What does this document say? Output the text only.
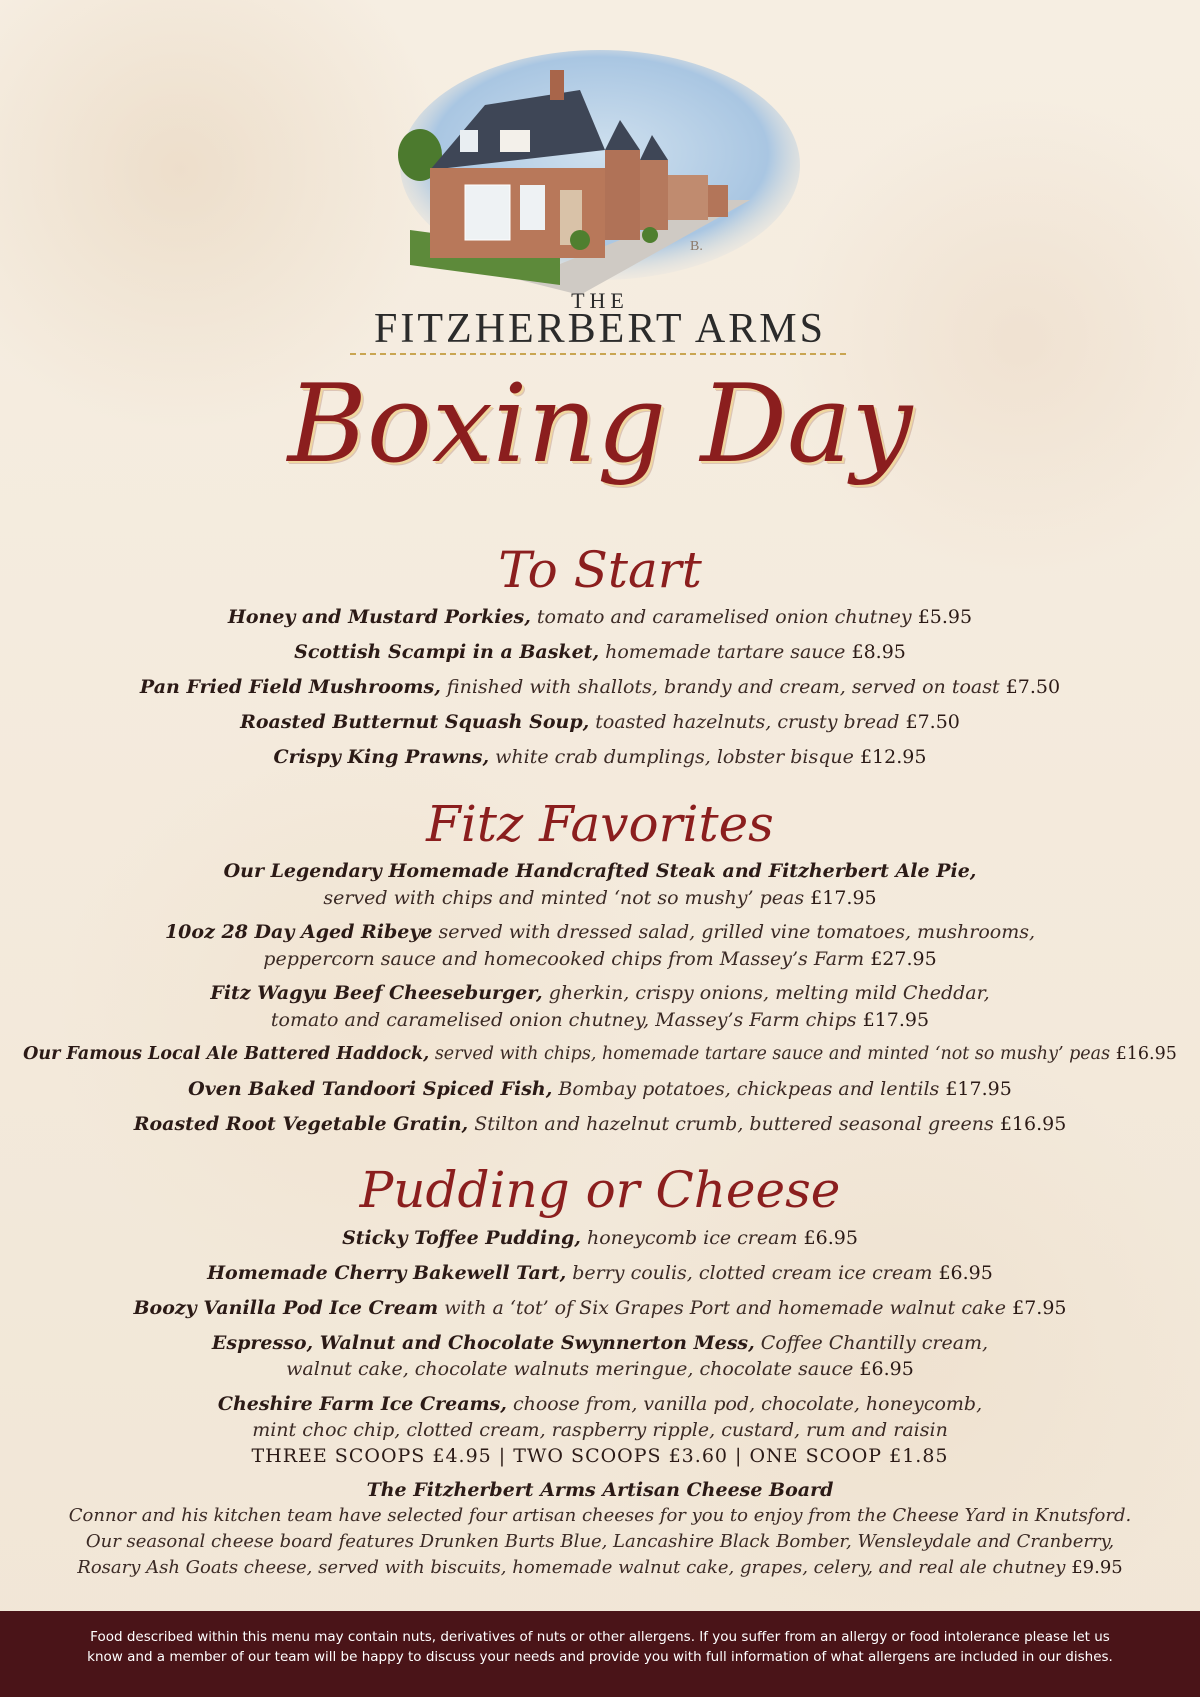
B.
THE
FITZHERBERT ARMS
Boxing Day
To Start
Honey and Mustard Porkies, tomato and caramelised onion chutney £5.95
Scottish Scampi in a Basket, homemade tartare sauce £8.95
Pan Fried Field Mushrooms, finished with shallots, brandy and cream, served on toast £7.50
Roasted Butternut Squash Soup, toasted hazelnuts, crusty bread £7.50
Crispy King Prawns, white crab dumplings, lobster bisque £12.95
Fitz Favorites
Our Legendary Homemade Handcrafted Steak and Fitzherbert Ale Pie,
served with chips and minted ‘not so mushy’ peas £17.95
10oz 28 Day Aged Ribeye served with dressed salad, grilled vine tomatoes, mushrooms,
peppercorn sauce and homecooked chips from Massey’s Farm £27.95
Fitz Wagyu Beef Cheeseburger, gherkin, crispy onions, melting mild Cheddar,
tomato and caramelised onion chutney, Massey’s Farm chips £17.95
Our Famous Local Ale Battered Haddock, served with chips, homemade tartare sauce and minted ‘not so mushy’ peas £16.95
Oven Baked Tandoori Spiced Fish, Bombay potatoes, chickpeas and lentils £17.95
Roasted Root Vegetable Gratin, Stilton and hazelnut crumb, buttered seasonal greens £16.95
Pudding or Cheese
Sticky Toffee Pudding, honeycomb ice cream £6.95
Homemade Cherry Bakewell Tart, berry coulis, clotted cream ice cream £6.95
Boozy Vanilla Pod Ice Cream with a ‘tot’ of Six Grapes Port and homemade walnut cake £7.95
Espresso, Walnut and Chocolate Swynnerton Mess, Coffee Chantilly cream,
walnut cake, chocolate walnuts meringue, chocolate sauce £6.95
Cheshire Farm Ice Creams, choose from, vanilla pod, chocolate, honeycomb,
mint choc chip, clotted cream, raspberry ripple, custard, rum and raisin
THREE SCOOPS £4.95 | TWO SCOOPS £3.60 | ONE SCOOP £1.85
The Fitzherbert Arms Artisan Cheese Board
Connor and his kitchen team have selected four artisan cheeses for you to enjoy from the Cheese Yard in Knutsford.
Our seasonal cheese board features Drunken Burts Blue, Lancashire Black Bomber, Wensleydale and Cranberry,
Rosary Ash Goats cheese, served with biscuits, homemade walnut cake, grapes, celery, and real ale chutney £9.95

Food described within this menu may contain nuts, derivatives of nuts or other allergens. If you suffer from an allergy or food intolerance please let us

know and a member of our team will be happy to discuss your needs and provide you with full information of what allergens are included in our dishes.
